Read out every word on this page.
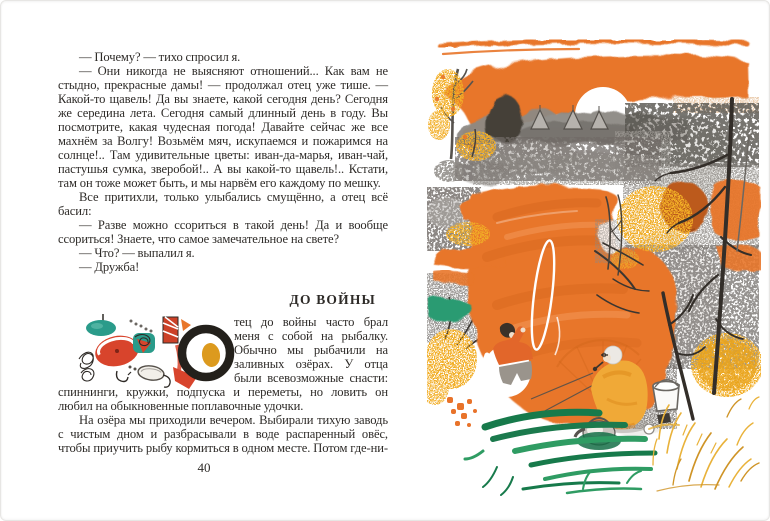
— Почему? — тихо спросил я.

— Они никогда не выясняют отношений... Как вам не стыдно, прекрасные дамы! — продолжал отец уже тише. — Какой-то щавель! Да вы знаете, какой сегодня день? Сегодня же середина лета. Сегодня самый длинный день в году. Вы посмотрите, какая чудесная погода! Давайте сейчас же все махнём за Волгу! Возьмём мяч, искупаемся и пожаримся на солнце!.. Там удивительные цветы: иван-да-марья, иван-чай, пастушья сумка, зверобой!.. А вы какой-то щавель!.. Кстати, там он тоже может быть, и мы нарвём его каждому по мешку.

Все притихли, только улыбались смущённо, а отец всё басил:

— Разве можно ссориться в такой день! Да и вообще ссориться! Знаете, что самое замечательное на свете?

— Что? — выпалил я.

— Дружба!

ДО ВОЙНЫ

тец до войны часто брал меня с собой на рыбалку. Обычно мы рыбачили на заливных озёрах. У отца были всевозможные снасти: спиннинги, кружки, подпуска и переметы, но ловить он любил на обыкновенные поплавочные удочки.

На озёра мы приходили вечером. Выбирали тихую заводь с чистым дном и разбрасывали в воде распаренный овёс, чтобы приучить рыбу кормиться в одном месте. Потом где-ни-

40
